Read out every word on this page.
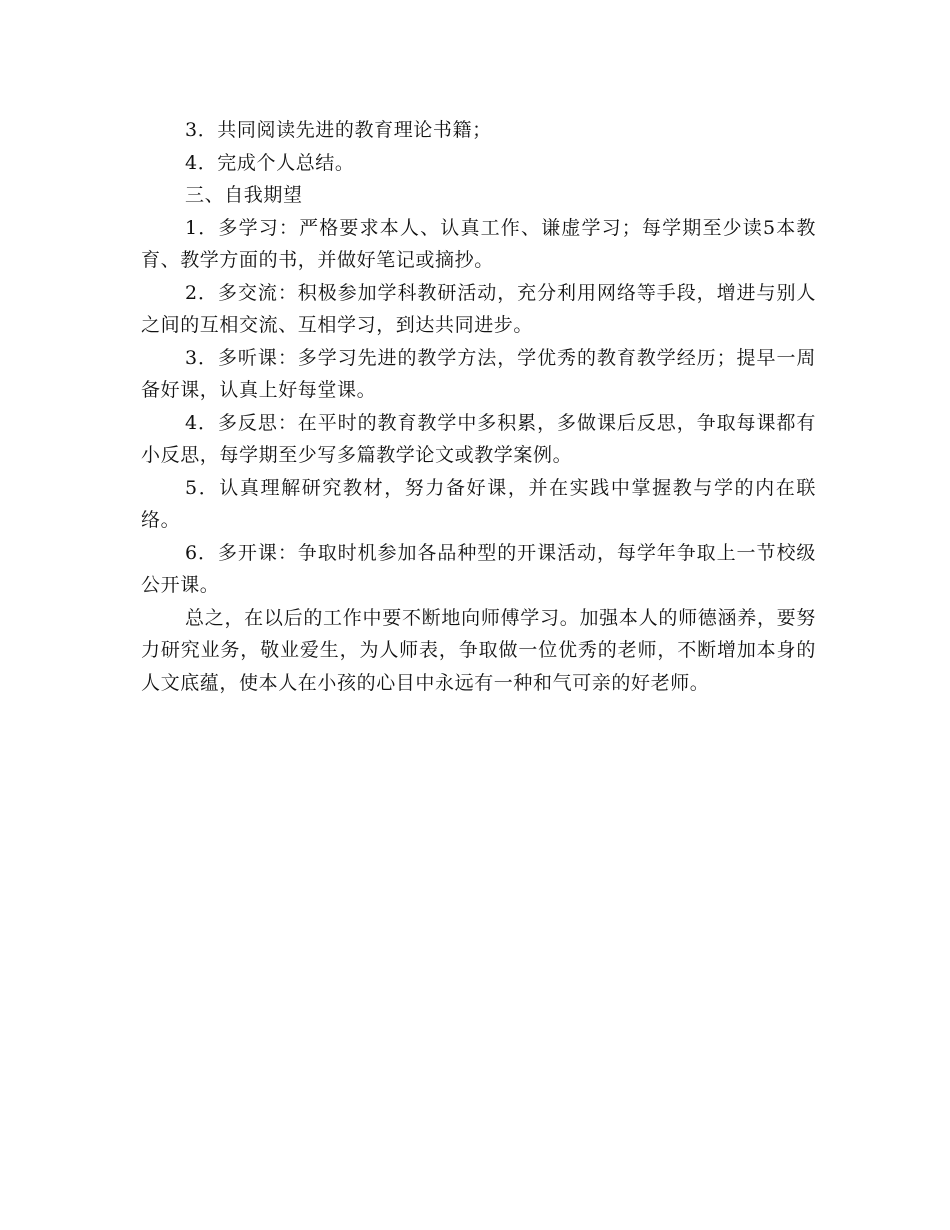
3．共同阅读先进的教育理论书籍；

4．完成个人总结。

三、自我期望

1．多学习：严格要求本人、认真工作、谦虚学习；每学期至少读5本教育、教学方面的书，并做好笔记或摘抄。

2．多交流：积极参加学科教研活动，充分利用网络等手段，增进与别人之间的互相交流、互相学习，到达共同进步。

3．多听课：多学习先进的教学方法，学优秀的教育教学经历；提早一周备好课，认真上好每堂课。

4．多反思：在平时的教育教学中多积累，多做课后反思，争取每课都有小反思，每学期至少写多篇教学论文或教学案例。

5．认真理解研究教材，努力备好课，并在实践中掌握教与学的内在联络。

6．多开课：争取时机参加各品种型的开课活动，每学年争取上一节校级公开课。

总之，在以后的工作中要不断地向师傅学习。加强本人的师德涵养，要努力研究业务，敬业爱生，为人师表，争取做一位优秀的老师，不断增加本身的人文底蕴，使本人在小孩的心目中永远有一种和气可亲的好老师。
